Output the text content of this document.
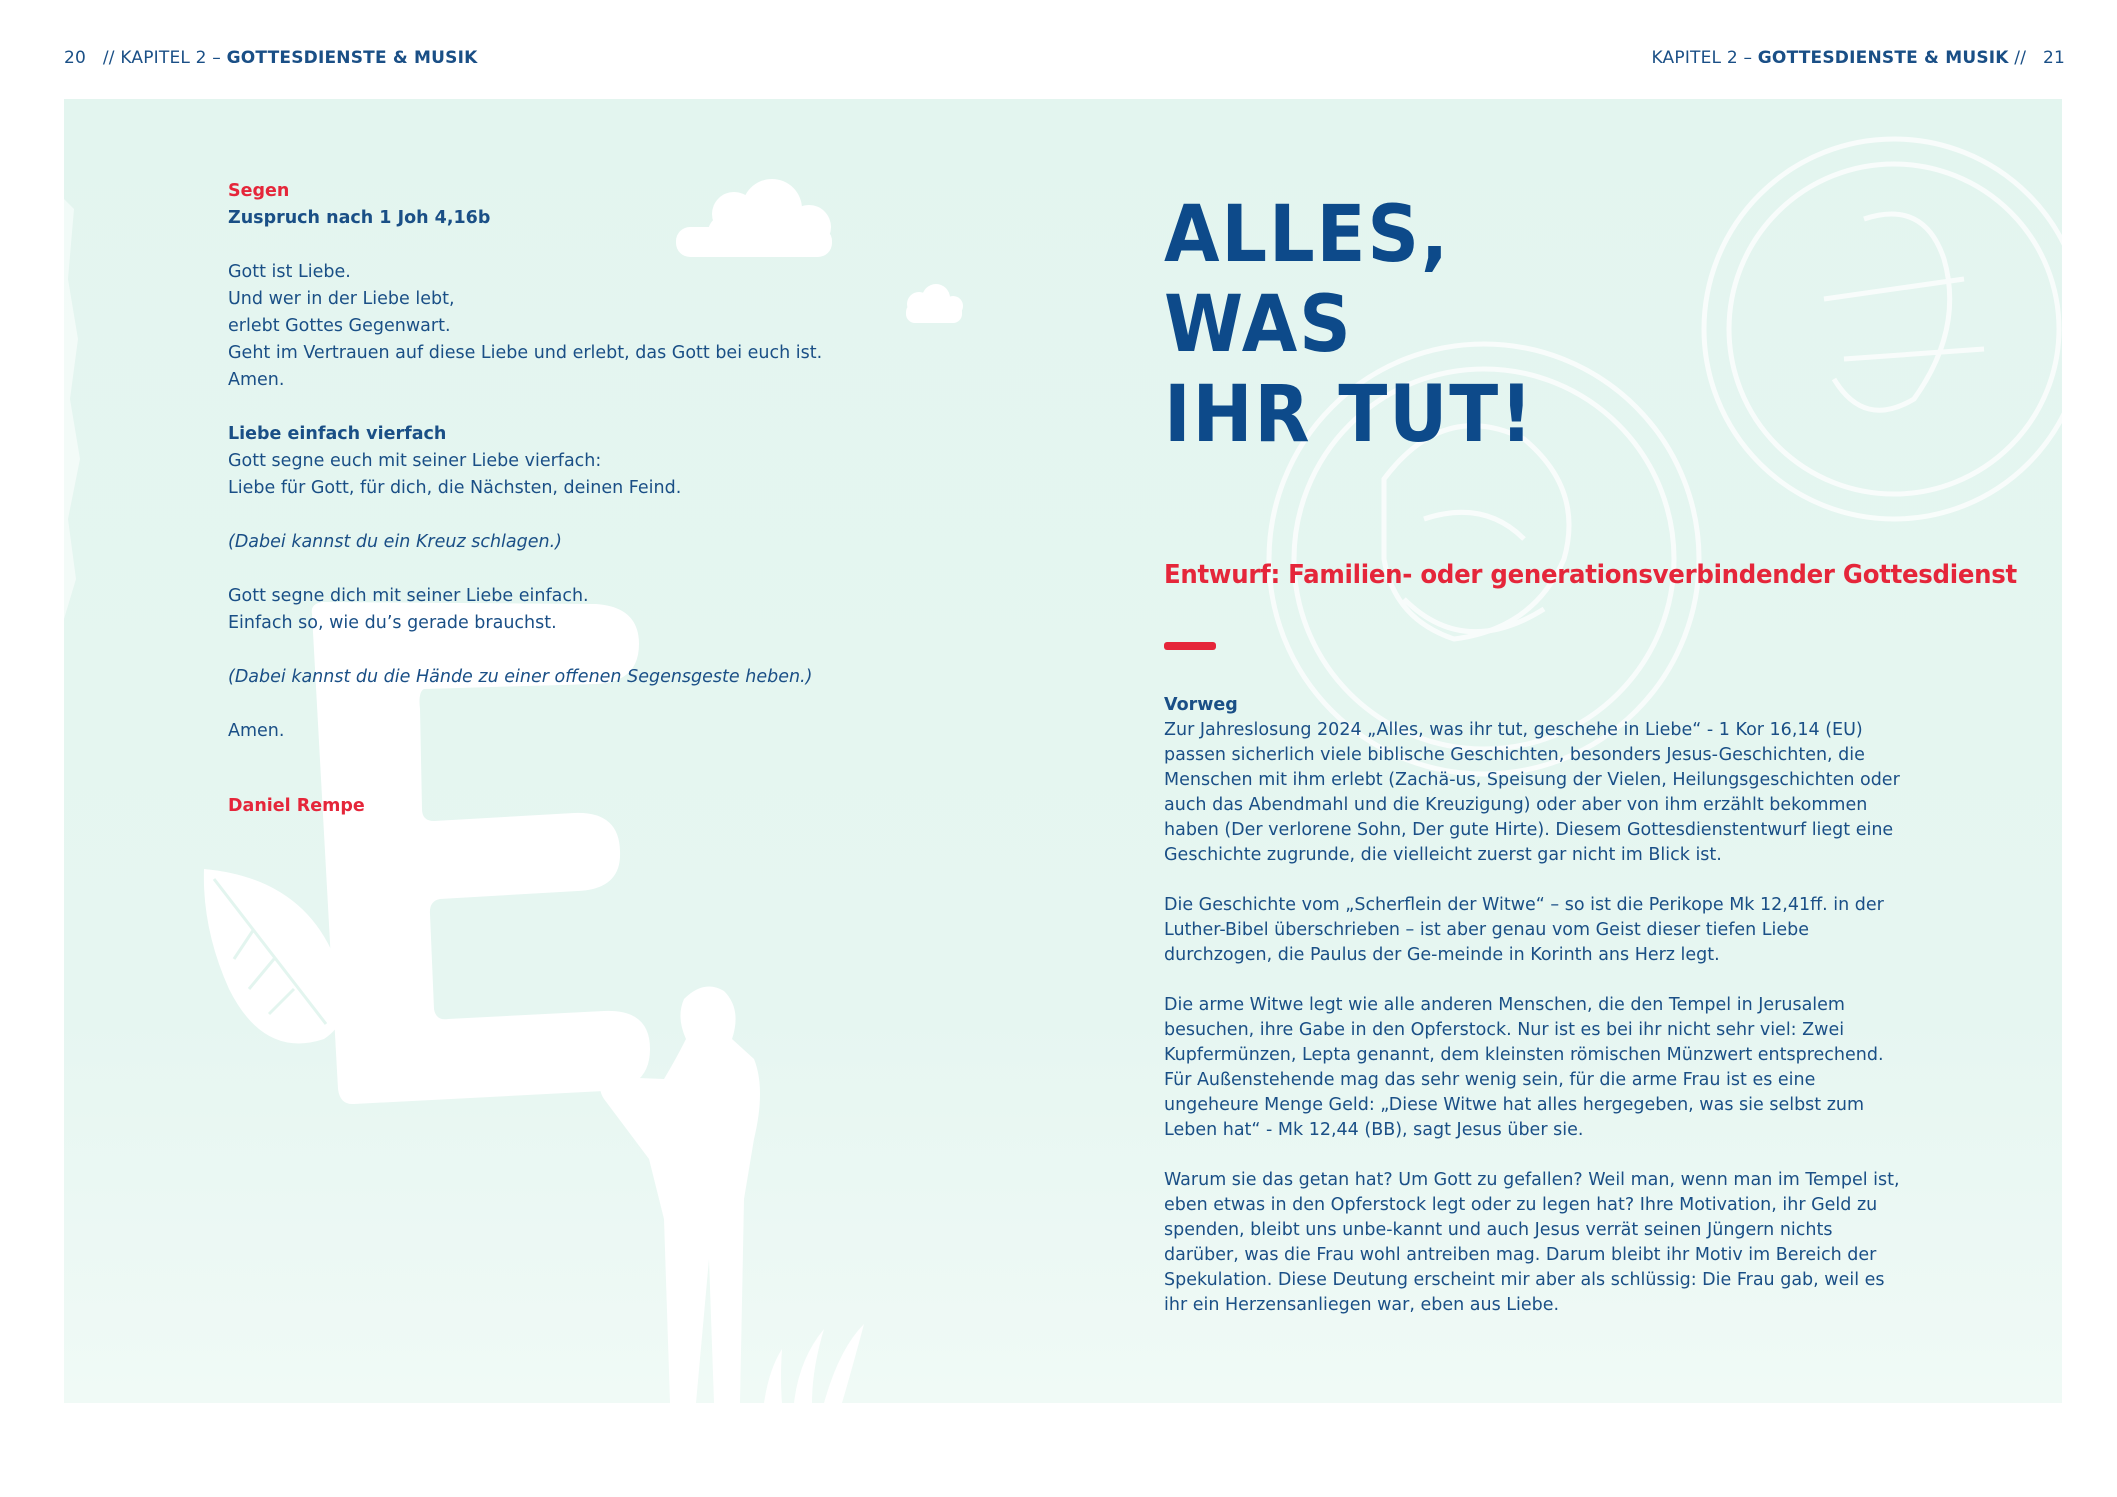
20 // KAPITEL 2 – GOTTESDIENSTE & MUSIK	KAPITEL 2 – GOTTESDIENSTE & MUSIK // 21

Segen

Zuspruch nach 1 Joh 4,16b

Gott ist Liebe.

Und wer in der Liebe lebt,

erlebt Gottes Gegenwart.

Geht im Vertrauen auf diese Liebe und erlebt, das Gott bei euch ist.

Amen.

Liebe einfach vierfach

Gott segne euch mit seiner Liebe vierfach:

Liebe für Gott, für dich, die Nächsten, deinen Feind.

(Dabei kannst du ein Kreuz schlagen.)

Gott segne dich mit seiner Liebe einfach.

Einfach so, wie du’s gerade brauchst.

(Dabei kannst du die Hände zu einer offenen Segensgeste heben.)

Amen.

Daniel Rempe

ALLES,

WAS

IHR TUT!

Entwurf: Familien- oder generationsverbindender Gottesdienst

Vorweg

Zur Jahreslosung 2024 „Alles, was ihr tut, geschehe in Liebe“ - 1 Kor 16,14 (EU) passen sicherlich viele biblische Geschichten, besonders Jesus-Geschichten, die Menschen mit ihm erlebt (Zachä-us, Speisung der Vielen, Heilungsgeschichten oder auch das Abendmahl und die Kreuzigung) oder aber von ihm erzählt bekommen haben (Der verlorene Sohn, Der gute Hirte). Diesem Gottesdienstentwurf liegt eine Geschichte zugrunde, die vielleicht zuerst gar nicht im Blick ist.

Die Geschichte vom „Scherflein der Witwe“ – so ist die Perikope Mk 12,41ff. in der Luther-Bibel überschrieben – ist aber genau vom Geist dieser tiefen Liebe durchzogen, die Paulus der Ge-meinde in Korinth ans Herz legt.

Die arme Witwe legt wie alle anderen Menschen, die den Tempel in Jerusalem besuchen, ihre Gabe in den Opferstock. Nur ist es bei ihr nicht sehr viel: Zwei Kupfermünzen, Lepta genannt, dem kleinsten römischen Münzwert entsprechend. Für Außenstehende mag das sehr wenig sein, für die arme Frau ist es eine ungeheure Menge Geld: „Diese Witwe hat alles hergegeben, was sie selbst zum Leben hat“ - Mk 12,44 (BB), sagt Jesus über sie.

Warum sie das getan hat? Um Gott zu gefallen? Weil man, wenn man im Tempel ist, eben etwas in den Opferstock legt oder zu legen hat? Ihre Motivation, ihr Geld zu spenden, bleibt uns unbe-kannt und auch Jesus verrät seinen Jüngern nichts darüber, was die Frau wohl antreiben mag. Darum bleibt ihr Motiv im Bereich der Spekulation. Diese Deutung erscheint mir aber als schlüssig: Die Frau gab, weil es ihr ein Herzensanliegen war, eben aus Liebe.
